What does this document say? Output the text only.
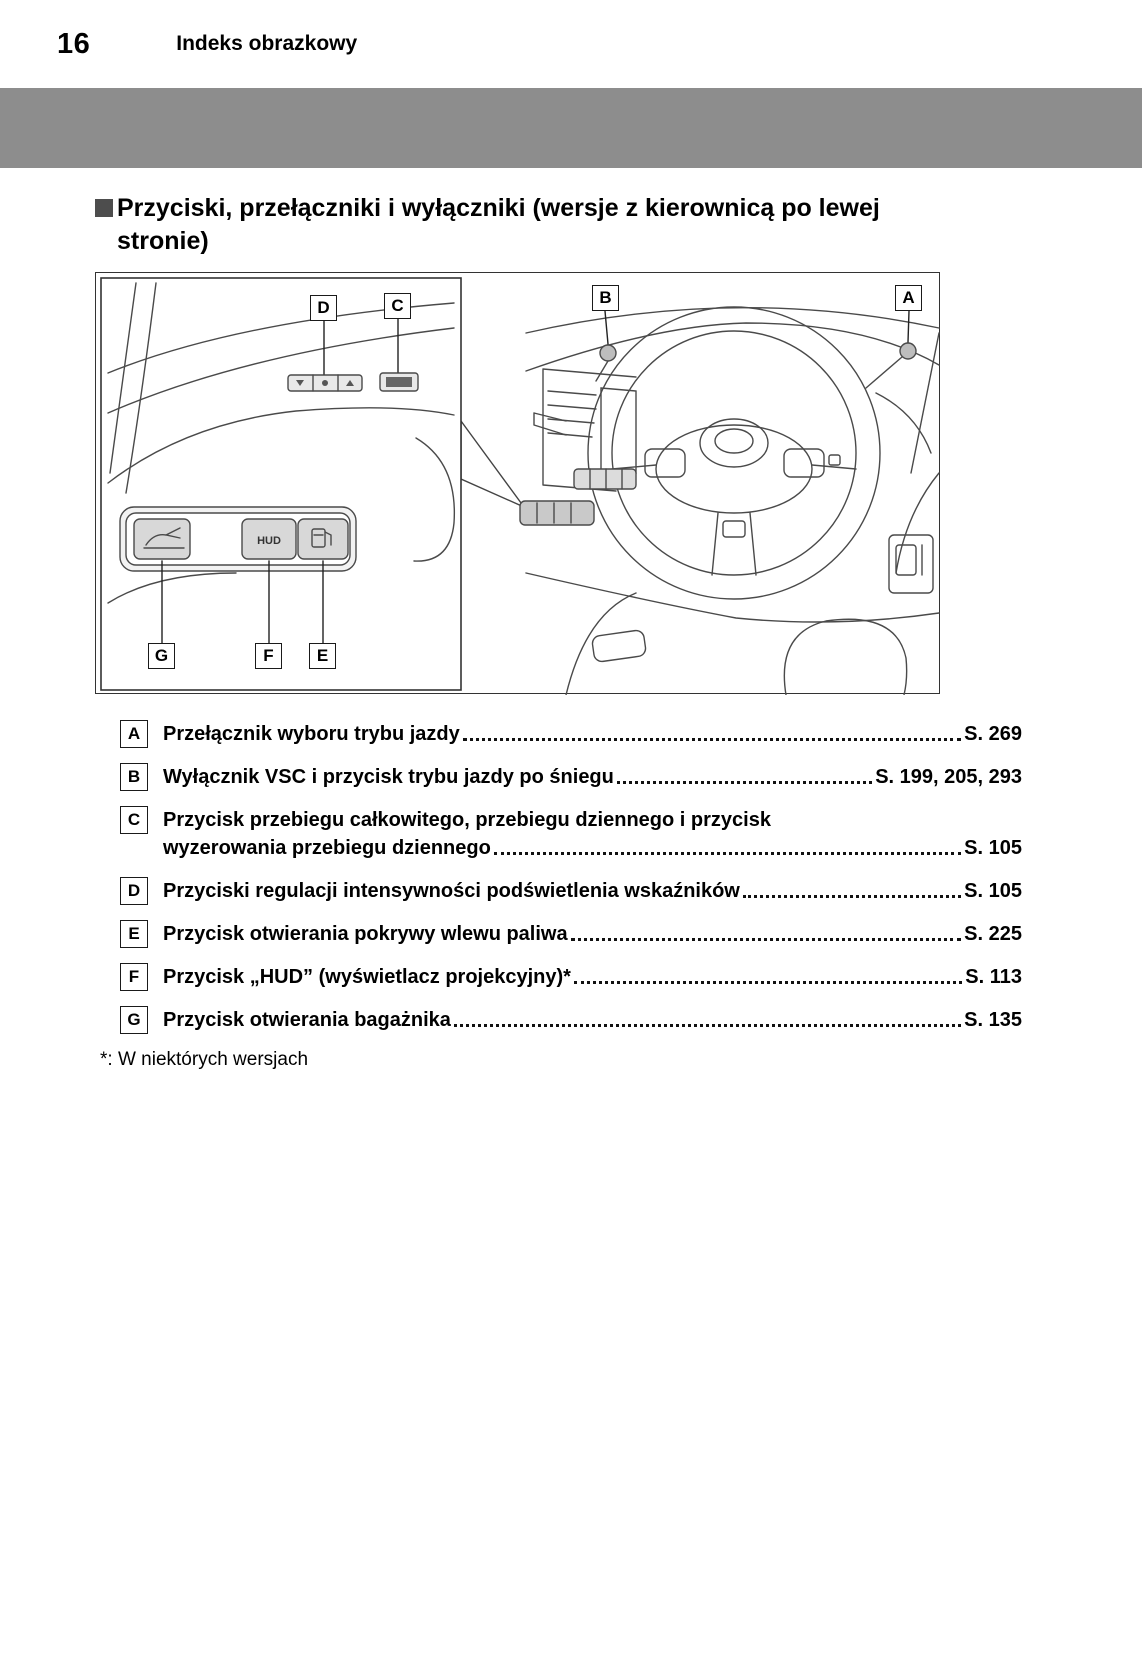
16	Indeks obrazkowy
Przyciski, przełączniki i wyłączniki (wersje z kierownicą po lewej stronie)
HUD
A
B
C
D
E
F
G
A	Przełącznik wyboru trybu jazdy	S. 269
B	Wyłącznik VSC i przycisk trybu jazdy po śniegu	S. 199, 205, 293
C	Przycisk przebiegu całkowitego, przebiegu dziennego i przycisk
wyzerowania przebiegu dziennego	S. 105
D	Przyciski regulacji intensywności podświetlenia wskaźników	S. 105
E	Przycisk otwierania pokrywy wlewu paliwa	S. 225
F	Przycisk „HUD” (wyświetlacz projekcyjny)*	S. 113
G	Przycisk otwierania bagażnika	S. 135
*: W niektórych wersjach
